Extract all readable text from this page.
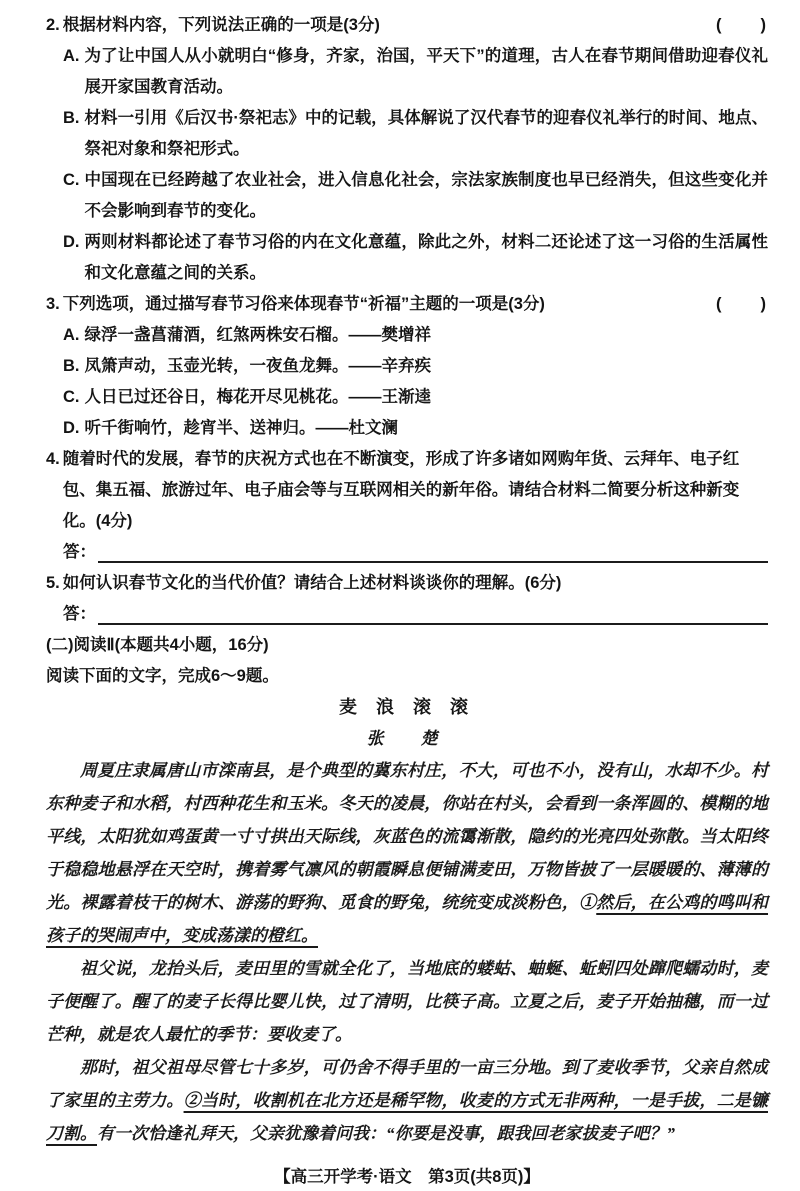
2. 根据材料内容，下列说法正确的一项是(3分)	(　　)
A. 为了让中国人从小就明白“修身，齐家，治国，平天下”的道理，古人在春节期间借助迎春仪礼展开家国教育活动。
B. 材料一引用《后汉书·祭祀志》中的记载，具体解说了汉代春节的迎春仪礼举行的时间、地点、祭祀对象和祭祀形式。
C. 中国现在已经跨越了农业社会，进入信息化社会，宗法家族制度也早已经消失，但这些变化并不会影响到春节的变化。
D. 两则材料都论述了春节习俗的内在文化意蕴，除此之外，材料二还论述了这一习俗的生活属性和文化意蕴之间的关系。
3. 下列选项，通过描写春节习俗来体现春节“祈福”主题的一项是(3分)	(　　)
A. 绿浮一盏菖蒲酒，红煞两株安石榴。——樊增祥
B. 凤箫声动，玉壶光转，一夜鱼龙舞。——辛弃疾
C. 人日已过还谷日，梅花开尽见桃花。——王渐逵
D. 听千街响竹，趁宵半、送神归。——杜文澜
4. 随着时代的发展，春节的庆祝方式也在不断演变，形成了许多诸如网购年货、云拜年、电子红包、集五福、旅游过年、电子庙会等与互联网相关的新年俗。请结合材料二简要分析这种新变化。(4分)
答：
5. 如何认识春节文化的当代价值？请结合上述材料谈谈你的理解。(6分)
答：
(二)阅读Ⅱ(本题共4小题，16分)
阅读下面的文字，完成6～9题。
麦 浪 滚 滚
张　楚

周夏庄隶属唐山市滦南县，是个典型的冀东村庄，不大，可也不小，没有山，水却不少。村东种麦子和水稻，村西种花生和玉米。冬天的凌晨，你站在村头，会看到一条浑圆的、模糊的地平线，太阳犹如鸡蛋黄一寸寸拱出天际线，灰蓝色的流霭渐散，隐约的光亮四处弥散。当太阳终于稳稳地悬浮在天空时，携着雾气凛风的朝霞瞬息便铺满麦田，万物皆披了一层暖暖的、薄薄的光。裸露着枝干的树木、游荡的野狗、觅食的野兔，统统变成淡粉色，①然后，在公鸡的鸣叫和孩子的哭闹声中，变成荡漾的橙红。

祖父说，龙抬头后，麦田里的雪就全化了，当地底的蝼蛄、蚰蜒、蚯蚓四处蹿爬蠕动时，麦子便醒了。醒了的麦子长得比婴儿快，过了清明，比筷子高。立夏之后，麦子开始抽穗，而一过芒种，就是农人最忙的季节：要收麦了。

那时，祖父祖母尽管七十多岁，可仍舍不得手里的一亩三分地。到了麦收季节，父亲自然成了家里的主劳力。②当时，收割机在北方还是稀罕物，收麦的方式无非两种，一是手拔，二是镰刀割。有一次恰逢礼拜天，父亲犹豫着问我：“你要是没事，跟我回老家拔麦子吧？”

【高三开学考·语文　第3页(共8页)】
